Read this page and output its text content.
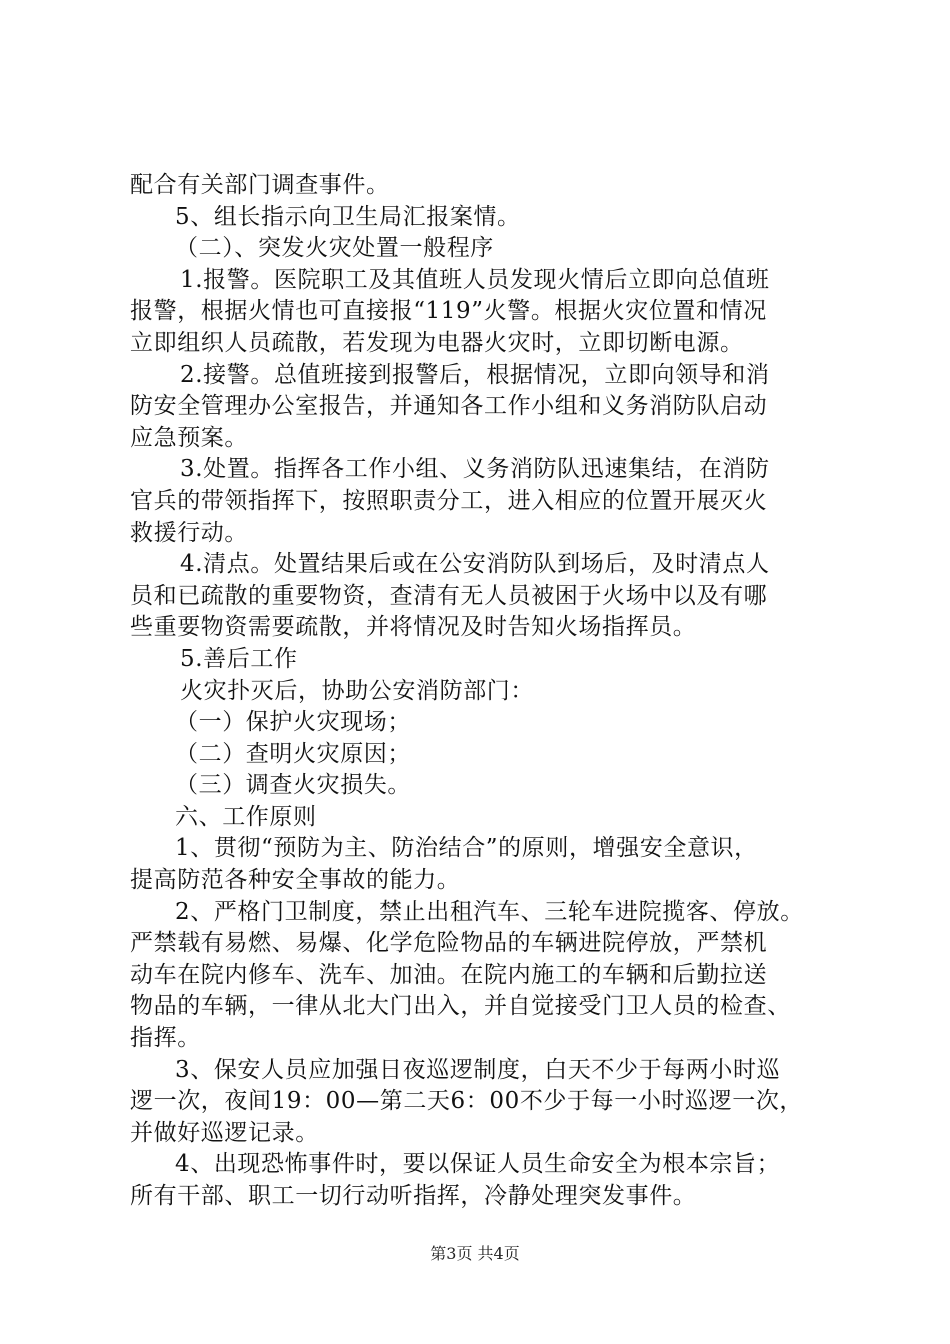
配合有关部门调查事件。
5、组长指示向卫生局汇报案情。
（二）、突发火灾处置一般程序
1.报警。医院职工及其值班人员发现火情后立即向总值班
报警，根据火情也可直接报“119”火警。根据火灾位置和情况
立即组织人员疏散，若发现为电器火灾时，立即切断电源。
2.接警。总值班接到报警后，根据情况，立即向领导和消
防安全管理办公室报告，并通知各工作小组和义务消防队启动
应急预案。
3.处置。指挥各工作小组、义务消防队迅速集结，在消防
官兵的带领指挥下，按照职责分工，进入相应的位置开展灭火
救援行动。
4.清点。处置结果后或在公安消防队到场后，及时清点人
员和已疏散的重要物资，查清有无人员被困于火场中以及有哪
些重要物资需要疏散，并将情况及时告知火场指挥员。
5.善后工作
火灾扑灭后，协助公安消防部门：
（一）保护火灾现场；
（二）查明火灾原因；
（三）调查火灾损失。
六、工作原则
1、贯彻“预防为主、防治结合”的原则，增强安全意识，
提高防范各种安全事故的能力。
2、严格门卫制度，禁止出租汽车、三轮车进院揽客、停放。
严禁载有易燃、易爆、化学危险物品的车辆进院停放，严禁机
动车在院内修车、洗车、加油。在院内施工的车辆和后勤拉送
物品的车辆，一律从北大门出入，并自觉接受门卫人员的检查、
指挥。
3、保安人员应加强日夜巡逻制度，白天不少于每两小时巡
逻一次，夜间19：00—第二天6：00不少于每一小时巡逻一次，
并做好巡逻记录。
4、出现恐怖事件时，要以保证人员生命安全为根本宗旨；
所有干部、职工一切行动听指挥，冷静处理突发事件。
第3页 共4页
